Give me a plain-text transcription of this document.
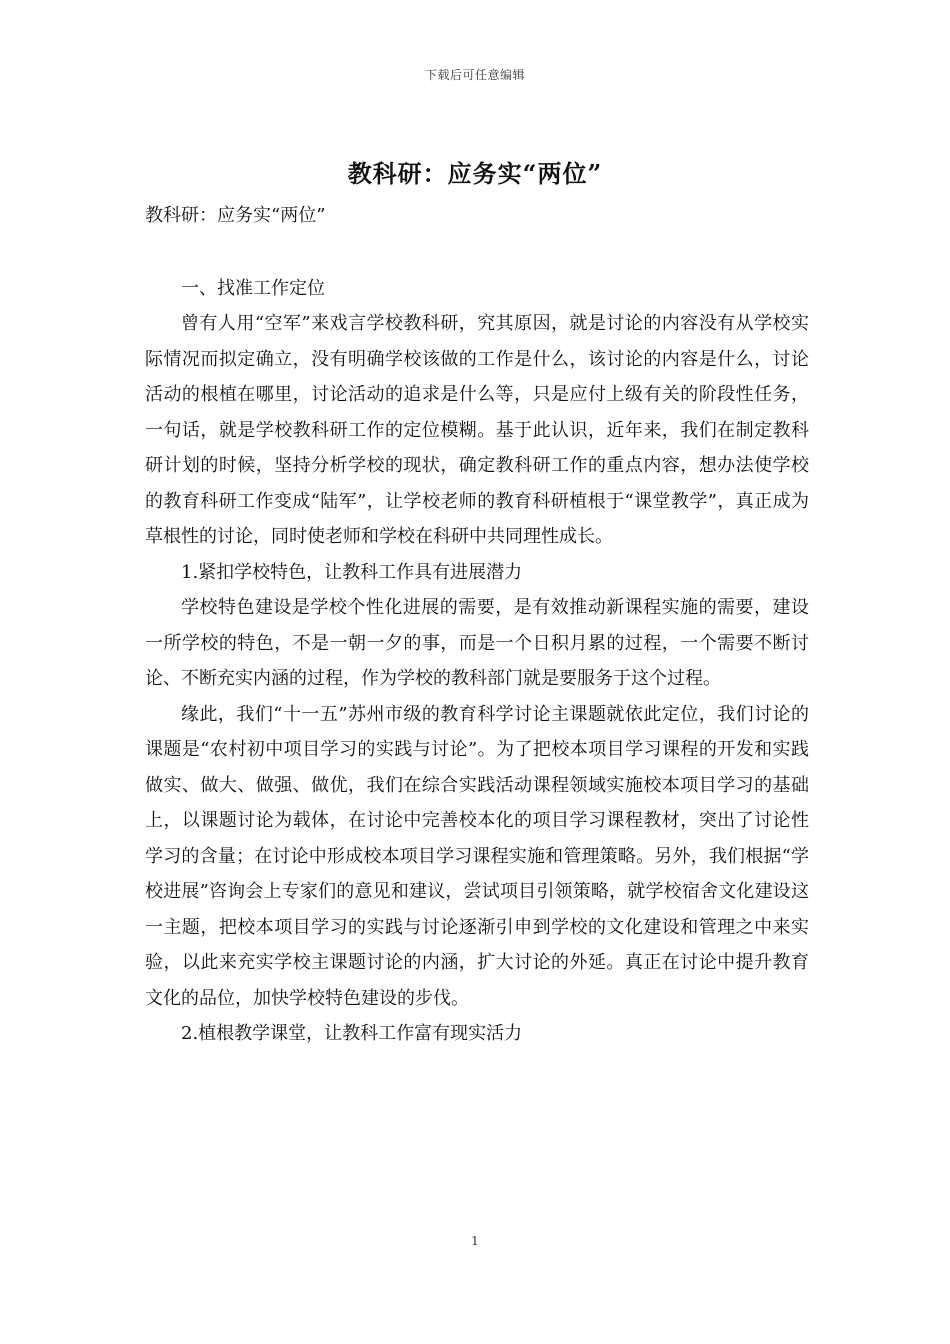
下载后可任意编辑
教科研：应务实“两位”

教科研：应务实“两位”

一、找准工作定位

曾有人用“空军”来戏言学校教科研，究其原因，就是讨论的内容没有从学校实际情况而拟定确立，没有明确学校该做的工作是什么，该讨论的内容是什么，讨论活动的根植在哪里，讨论活动的追求是什么等，只是应付上级有关的阶段性任务，一句话，就是学校教科研工作的定位模糊。基于此认识，近年来，我们在制定教科研计划的时候，坚持分析学校的现状，确定教科研工作的重点内容，想办法使学校的教育科研工作变成“陆军”，让学校老师的教育科研植根于“课堂教学”，真正成为草根性的讨论，同时使老师和学校在科研中共同理性成长。

1.紧扣学校特色，让教科工作具有进展潜力

学校特色建设是学校个性化进展的需要，是有效推动新课程实施的需要，建设一所学校的特色，不是一朝一夕的事，而是一个日积月累的过程，一个需要不断讨论、不断充实内涵的过程，作为学校的教科部门就是要服务于这个过程。

缘此，我们“十一五”苏州市级的教育科学讨论主课题就依此定位，我们讨论的课题是“农村初中项目学习的实践与讨论”。为了把校本项目学习课程的开发和实践做实、做大、做强、做优，我们在综合实践活动课程领域实施校本项目学习的基础上，以课题讨论为载体，在讨论中完善校本化的项目学习课程教材，突出了讨论性学习的含量；在讨论中形成校本项目学习课程实施和管理策略。另外，我们根据“学校进展”咨询会上专家们的意见和建议，尝试项目引领策略，就学校宿舍文化建设这一主题，把校本项目学习的实践与讨论逐渐引申到学校的文化建设和管理之中来实验，以此来充实学校主课题讨论的内涵，扩大讨论的外延。真正在讨论中提升教育文化的品位，加快学校特色建设的步伐。

2.植根教学课堂，让教科工作富有现实活力

1
